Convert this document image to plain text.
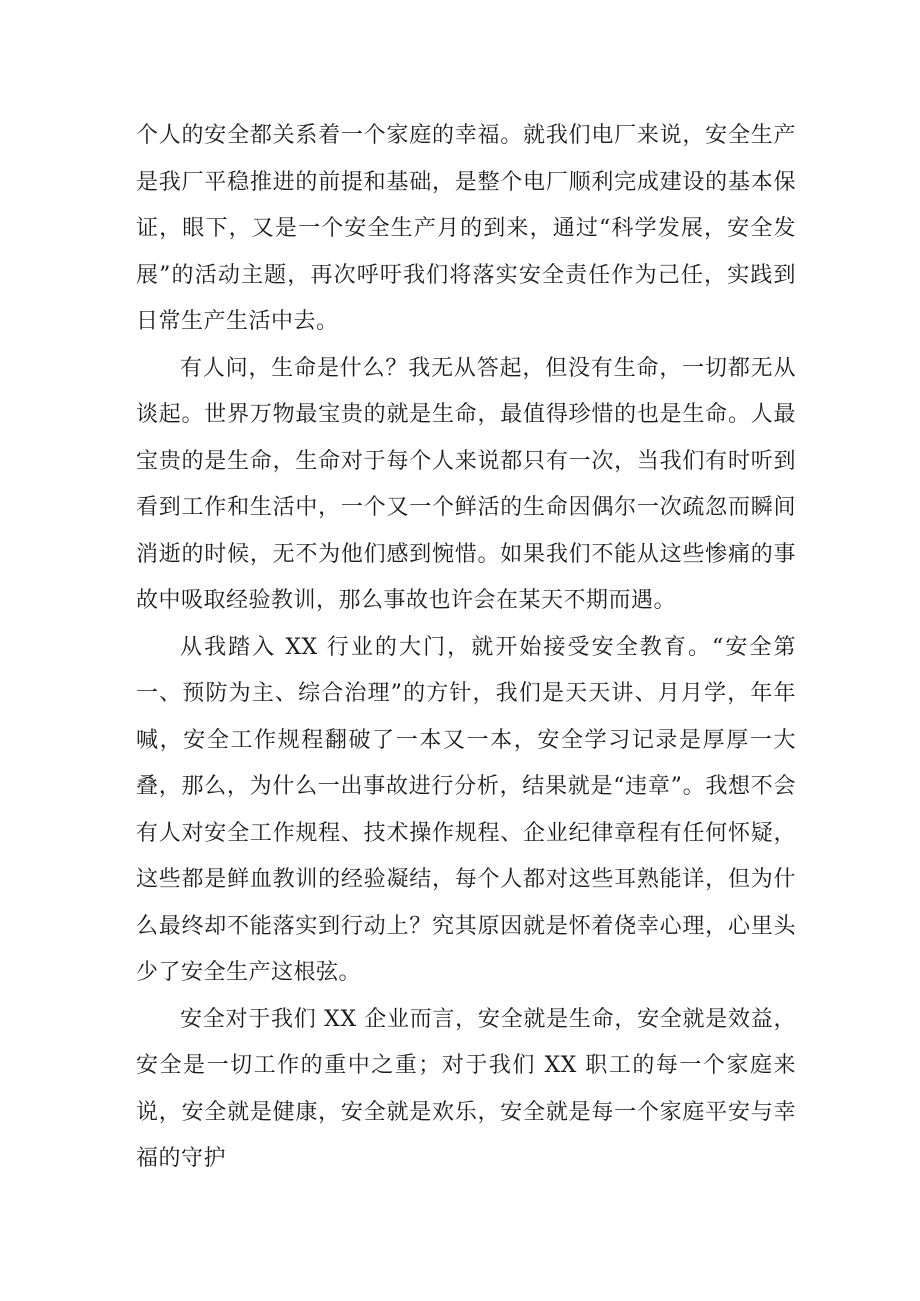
个人的安全都关系着一个家庭的幸福。就我们电厂来说，安全生产是我厂平稳推进的前提和基础，是整个电厂顺利完成建设的基本保证，眼下，又是一个安全生产月的到来，通过“科学发展，安全发展”的活动主题，再次呼吁我们将落实安全责任作为己任，实践到日常生产生活中去。

有人问，生命是什么？我无从答起，但没有生命，一切都无从谈起。世界万物最宝贵的就是生命，最值得珍惜的也是生命。人最宝贵的是生命，生命对于每个人来说都只有一次，当我们有时听到看到工作和生活中，一个又一个鲜活的生命因偶尔一次疏忽而瞬间消逝的时候，无不为他们感到惋惜。如果我们不能从这些惨痛的事故中吸取经验教训，那么事故也许会在某天不期而遇。

从我踏入 XX 行业的大门，就开始接受安全教育。“安全第一、预防为主、综合治理”的方针，我们是天天讲、月月学，年年喊，安全工作规程翻破了一本又一本，安全学习记录是厚厚一大叠，那么，为什么一出事故进行分析，结果就是“违章”。我想不会有人对安全工作规程、技术操作规程、企业纪律章程有任何怀疑，这些都是鲜血教训的经验凝结，每个人都对这些耳熟能详，但为什么最终却不能落实到行动上？究其原因就是怀着侥幸心理，心里头少了安全生产这根弦。

安全对于我们 XX 企业而言，安全就是生命，安全就是效益，安全是一切工作的重中之重；对于我们 XX 职工的每一个家庭来说，安全就是健康，安全就是欢乐，安全就是每一个家庭平安与幸福的守护
